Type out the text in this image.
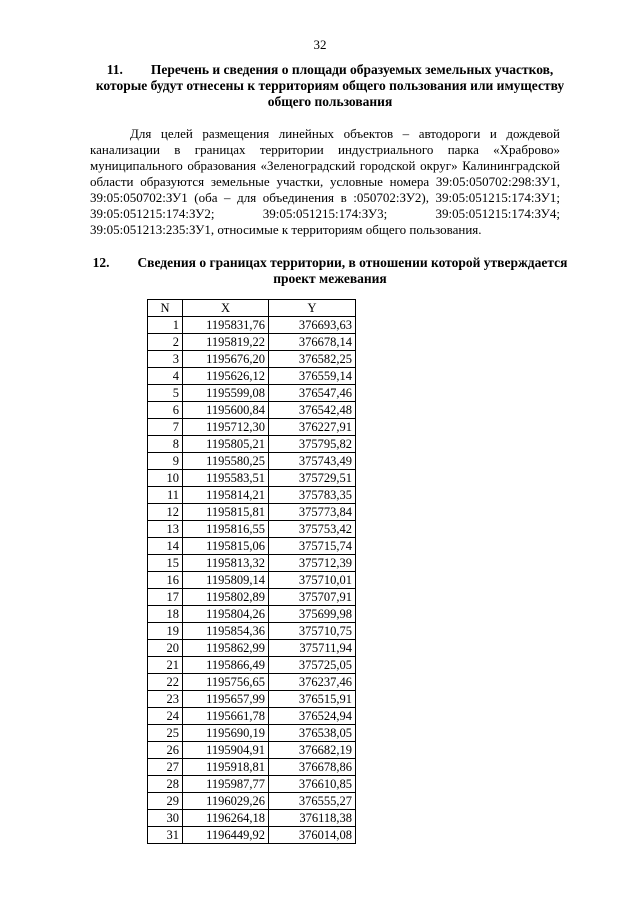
32
11. Перечень и сведения о площади образуемых земельных участков, которые будут отнесены к территориям общего пользования или имуществу общего пользования
Для целей размещения линейных объектов – автодороги и дождевой канализации в границах территории индустриального парка «Храброво» муниципального образования «Зеленоградский городской округ» Калининградской области образуются земельные участки, условные номера 39:05:050702:298:ЗУ1, 39:05:050702:ЗУ1 (оба – для объединения в :050702:ЗУ2), 39:05:051215:174:ЗУ1; 39:05:051215:174:ЗУ2; 39:05:051215:174:ЗУ3; 39:05:051215:174:ЗУ4; 39:05:051213:235:ЗУ1, относимые к территориям общего пользования.
12. Сведения о границах территории, в отношении которой утверждается проект межевания
N	X	Y
1	1195831,76	376693,63
2	1195819,22	376678,14
3	1195676,20	376582,25
4	1195626,12	376559,14
5	1195599,08	376547,46
6	1195600,84	376542,48
7	1195712,30	376227,91
8	1195805,21	375795,82
9	1195580,25	375743,49
10	1195583,51	375729,51
11	1195814,21	375783,35
12	1195815,81	375773,84
13	1195816,55	375753,42
14	1195815,06	375715,74
15	1195813,32	375712,39
16	1195809,14	375710,01
17	1195802,89	375707,91
18	1195804,26	375699,98
19	1195854,36	375710,75
20	1195862,99	375711,94
21	1195866,49	375725,05
22	1195756,65	376237,46
23	1195657,99	376515,91
24	1195661,78	376524,94
25	1195690,19	376538,05
26	1195904,91	376682,19
27	1195918,81	376678,86
28	1195987,77	376610,85
29	1196029,26	376555,27
30	1196264,18	376118,38
31	1196449,92	376014,08
